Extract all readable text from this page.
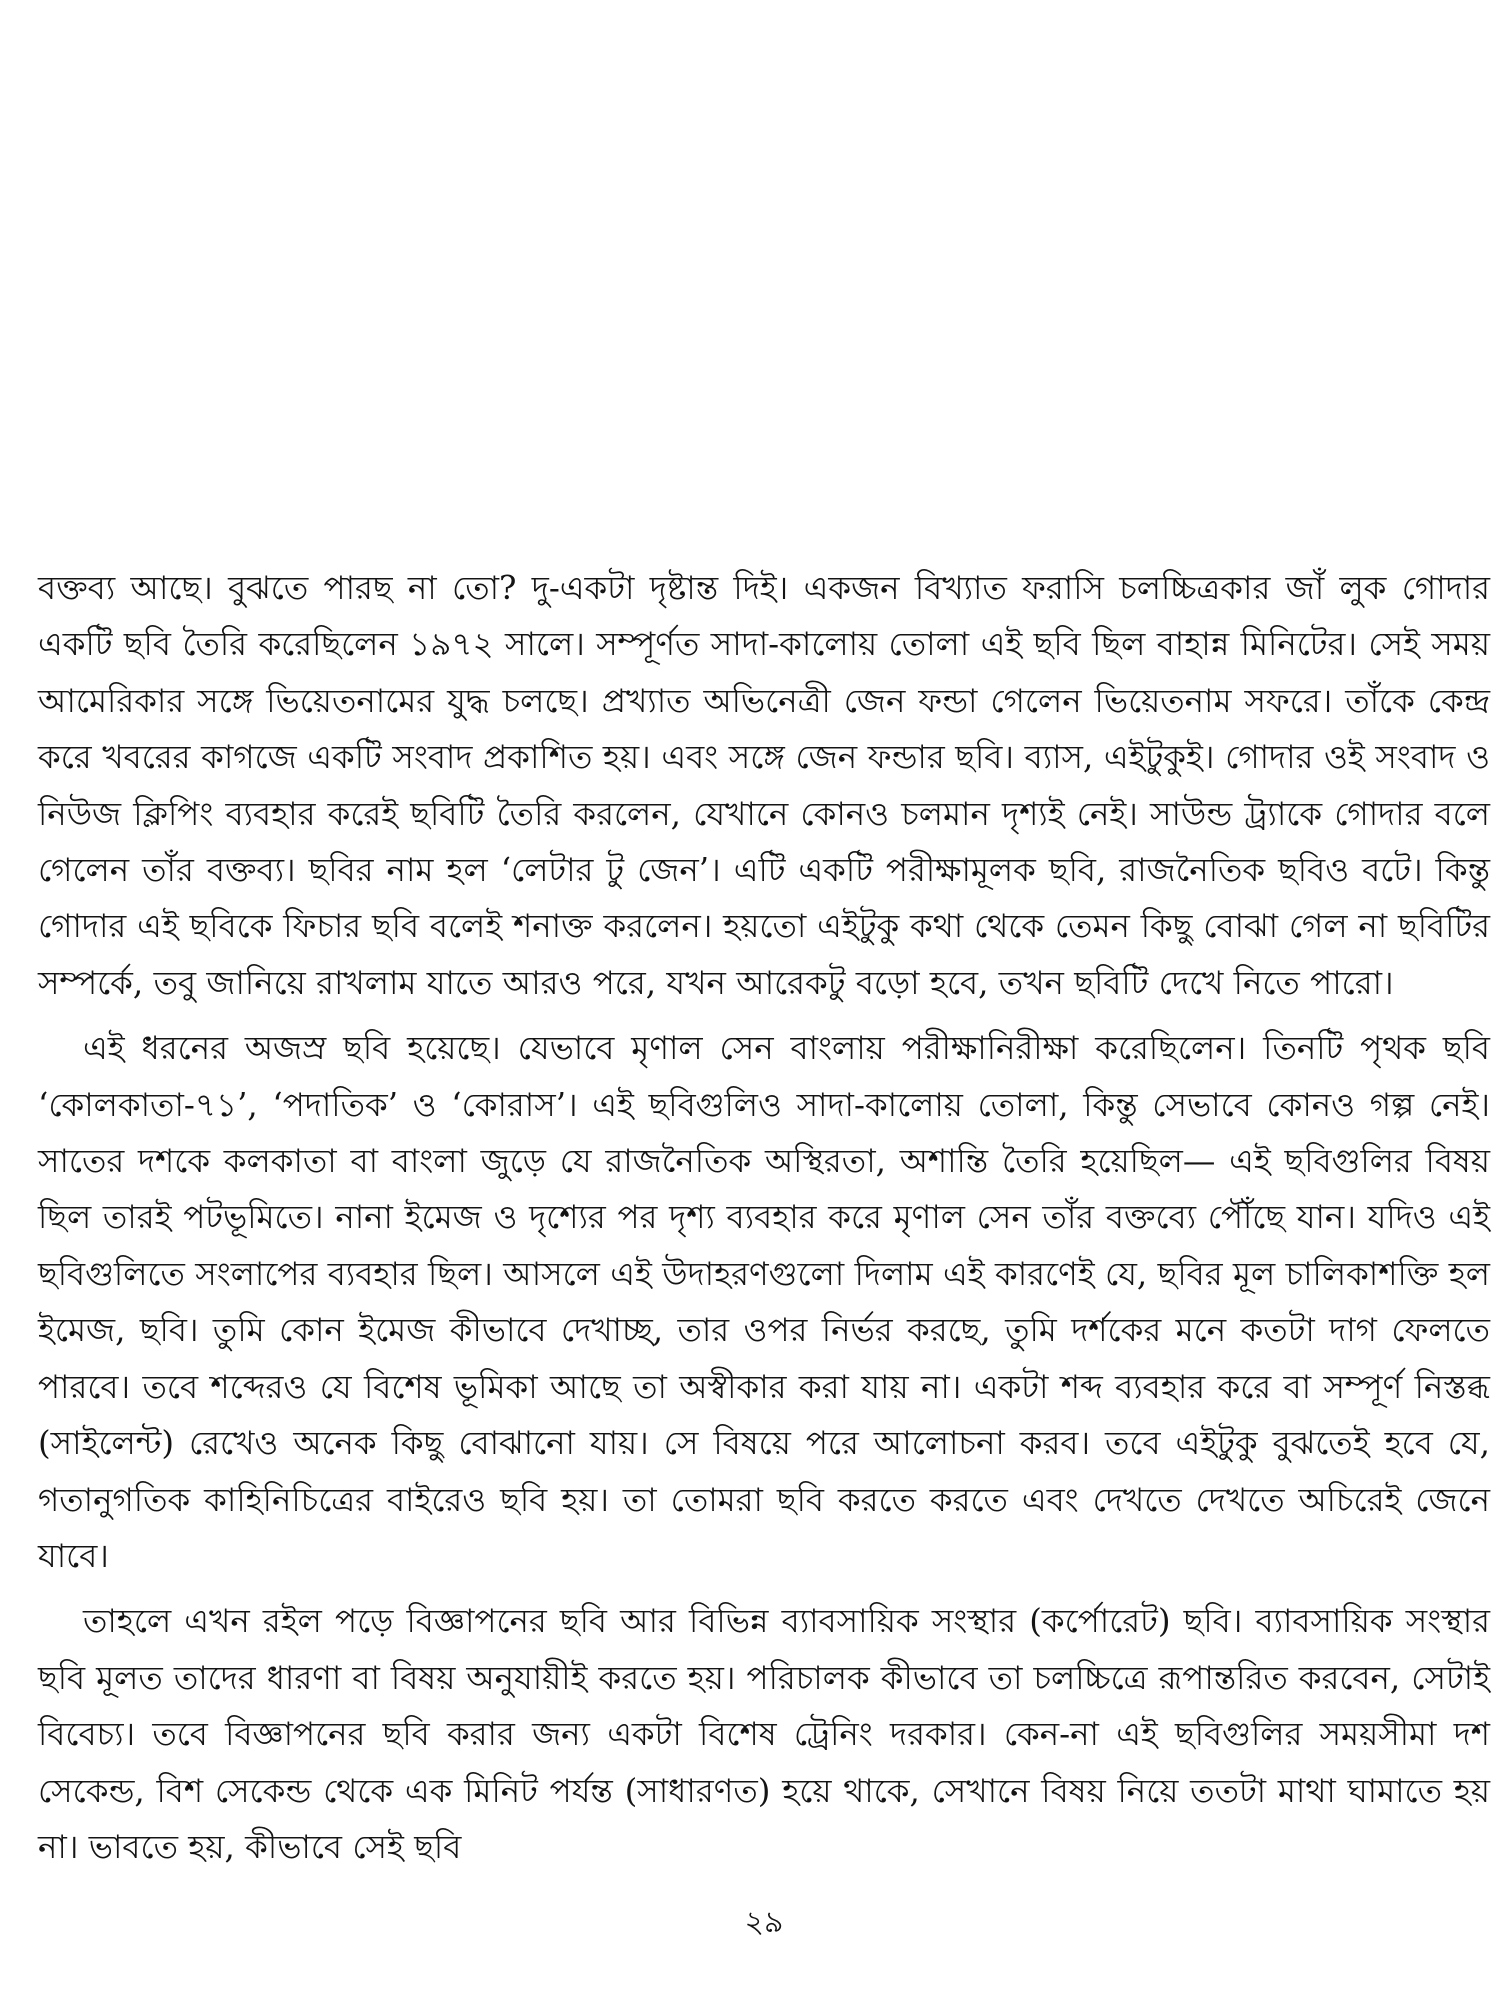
বক্তব্য আছে। বুঝতে পারছ না তো? দু-একটা দৃষ্টান্ত দিই। একজন বিখ্যাত ফরাসি চলচ্চিত্রকার জাঁ লুক গোদার একটি ছবি তৈরি করেছিলেন ১৯৭২ সালে। সম্পূর্ণত সাদা-কালোয় তোলা এই ছবি ছিল বাহান্ন মিনিটের। সেই সময় আমেরিকার সঙ্গে ভিয়েতনামের যুদ্ধ চলছে। প্রখ্যাত অভিনেত্রী জেন ফন্ডা গেলেন ভিয়েতনাম সফরে। তাঁকে কেন্দ্র করে খবরের কাগজে একটি সংবাদ প্রকাশিত হয়। এবং সঙ্গে জেন ফন্ডার ছবি। ব্যাস, এইটুকুই। গোদার ওই সংবাদ ও নিউজ ক্লিপিং ব্যবহার করেই ছবিটি তৈরি করলেন, যেখানে কোনও চলমান দৃশ্যই নেই। সাউন্ড ট্র্যাকে গোদার বলে গেলেন তাঁর বক্তব্য। ছবির নাম হল ‘লেটার টু জেন’। এটি একটি পরীক্ষামূলক ছবি, রাজনৈতিক ছবিও বটে। কিন্তু গোদার এই ছবিকে ফিচার ছবি বলেই শনাক্ত করলেন। হয়তো এইটুকু কথা থেকে তেমন কিছু বোঝা গেল না ছবিটির সম্পর্কে, তবু জানিয়ে রাখলাম যাতে আরও পরে, যখন আরেকটু বড়ো হবে, তখন ছবিটি দেখে নিতে পারো।

এই ধরনের অজস্র ছবি হয়েছে। যেভাবে মৃণাল সেন বাংলায় পরীক্ষানিরীক্ষা করেছিলেন। তিনটি পৃথক ছবি ‘কোলকাতা-৭১’, ‘পদাতিক’ ও ‘কোরাস’। এই ছবিগুলিও সাদা-কালোয় তোলা, কিন্তু সেভাবে কোনও গল্প নেই। সাতের দশকে কলকাতা বা বাংলা জুড়ে যে রাজনৈতিক অস্থিরতা, অশান্তি তৈরি হয়েছিল— এই ছবিগুলির বিষয় ছিল তারই পটভূমিতে। নানা ইমেজ ও দৃশ্যের পর দৃশ্য ব্যবহার করে মৃণাল সেন তাঁর বক্তব্যে পৌঁছে যান। যদিও এই ছবিগুলিতে সংলাপের ব্যবহার ছিল। আসলে এই উদাহরণগুলো দিলাম এই কারণেই যে, ছবির মূল চালিকাশক্তি হল ইমেজ, ছবি। তুমি কোন ইমেজ কীভাবে দেখাচ্ছ, তার ওপর নির্ভর করছে, তুমি দর্শকের মনে কতটা দাগ ফেলতে পারবে। তবে শব্দেরও যে বিশেষ ভূমিকা আছে তা অস্বীকার করা যায় না। একটা শব্দ ব্যবহার করে বা সম্পূর্ণ নিস্তব্ধ (সাইলেন্ট) রেখেও অনেক কিছু বোঝানো যায়। সে বিষয়ে পরে আলোচনা করব। তবে এইটুকু বুঝতেই হবে যে, গতানুগতিক কাহিনিচিত্রের বাইরেও ছবি হয়। তা তোমরা ছবি করতে করতে এবং দেখতে দেখতে অচিরেই জেনে যাবে।

তাহলে এখন রইল পড়ে বিজ্ঞাপনের ছবি আর বিভিন্ন ব্যাবসায়িক সংস্থার (কর্পোরেট) ছবি। ব্যাবসায়িক সংস্থার ছবি মূলত তাদের ধারণা বা বিষয় অনুযায়ীই করতে হয়। পরিচালক কীভাবে তা চলচ্চিত্রে রূপান্তরিত করবেন, সেটাই বিবেচ্য। তবে বিজ্ঞাপনের ছবি করার জন্য একটা বিশেষ ট্রেনিং দরকার। কেন-না এই ছবিগুলির সময়সীমা দশ সেকেন্ড, বিশ সেকেন্ড থেকে এক মিনিট পর্যন্ত (সাধারণত) হয়ে থাকে, সেখানে বিষয় নিয়ে ততটা মাথা ঘামাতে হয় না। ভাবতে হয়, কীভাবে সেই ছবি

২৯
